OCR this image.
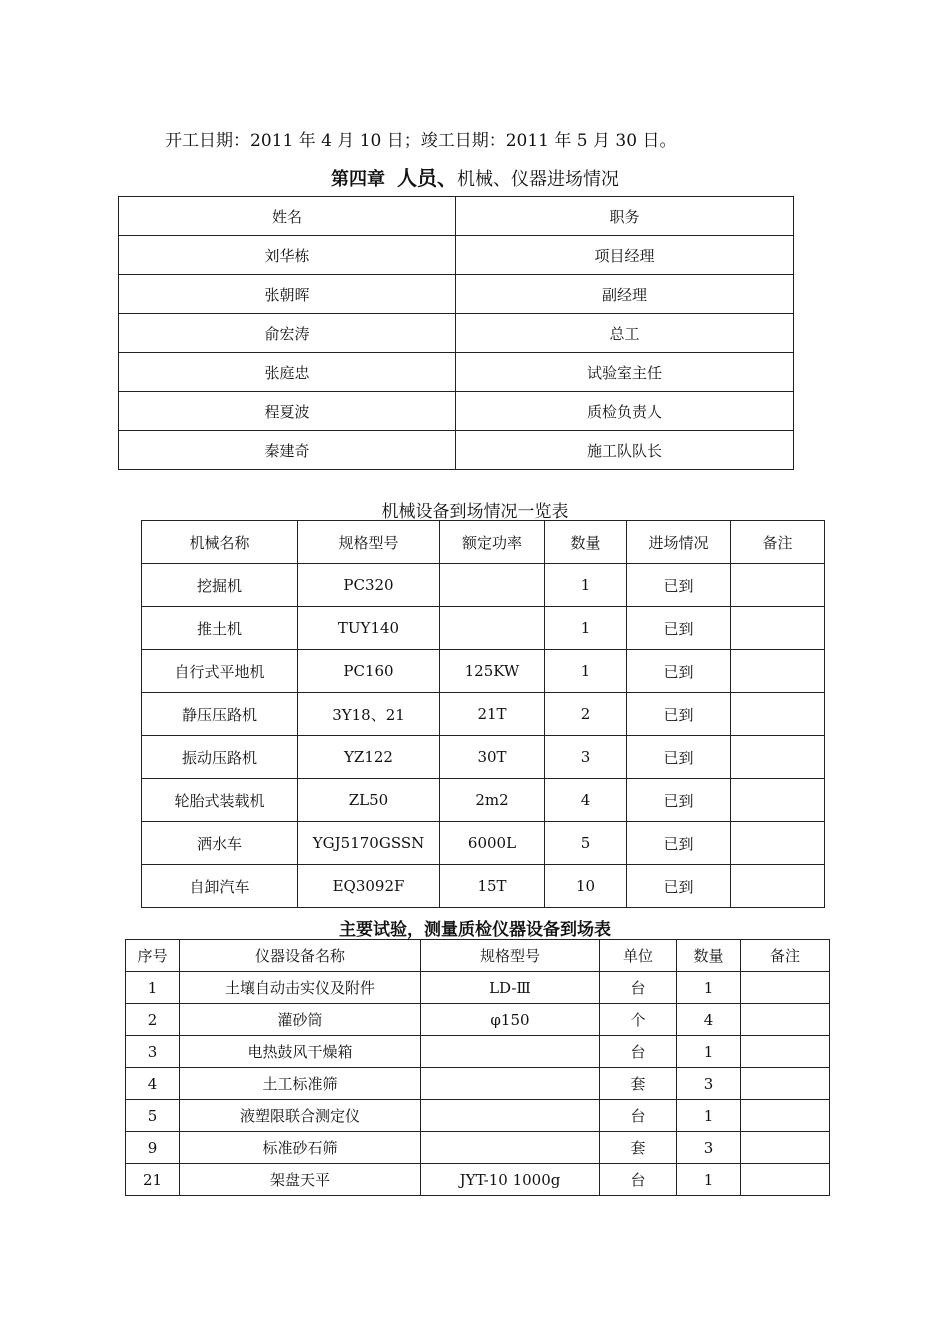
开工日期：2011 年 4 月 10 日；竣工日期：2011 年 5 月 30 日。
第四章 人员、机械、仪器进场情况
姓名	职务
刘华栋	项目经理
张朝晖	副经理
俞宏涛	总工
张庭忠	试验室主任
程夏波	质检负责人
秦建奇	施工队队长
机械设备到场情况一览表
机械名称	规格型号	额定功率	数量	进场情况	备注
挖掘机	PC320		1	已到	
推土机	TUY140		1	已到	
自行式平地机	PC160	125KW	1	已到	
静压压路机	3Y18、21	21T	2	已到	
振动压路机	YZ122	30T	3	已到	
轮胎式装载机	ZL50	2m2	4	已到	
洒水车	YGJ5170GSSN	6000L	5	已到	
自卸汽车	EQ3092F	15T	10	已到	
主要试验，测量质检仪器设备到场表
序号	仪器设备名称	规格型号	单位	数量	备注
1	土壤自动击实仪及附件	LD-Ⅲ	台	1	
2	灌砂筒	φ150	个	4	
3	电热鼓风干燥箱		台	1	
4	土工标准筛		套	3	
5	液塑限联合测定仪		台	1	
9	标准砂石筛		套	3	
21	架盘天平	JYT-10 1000g	台	1	
